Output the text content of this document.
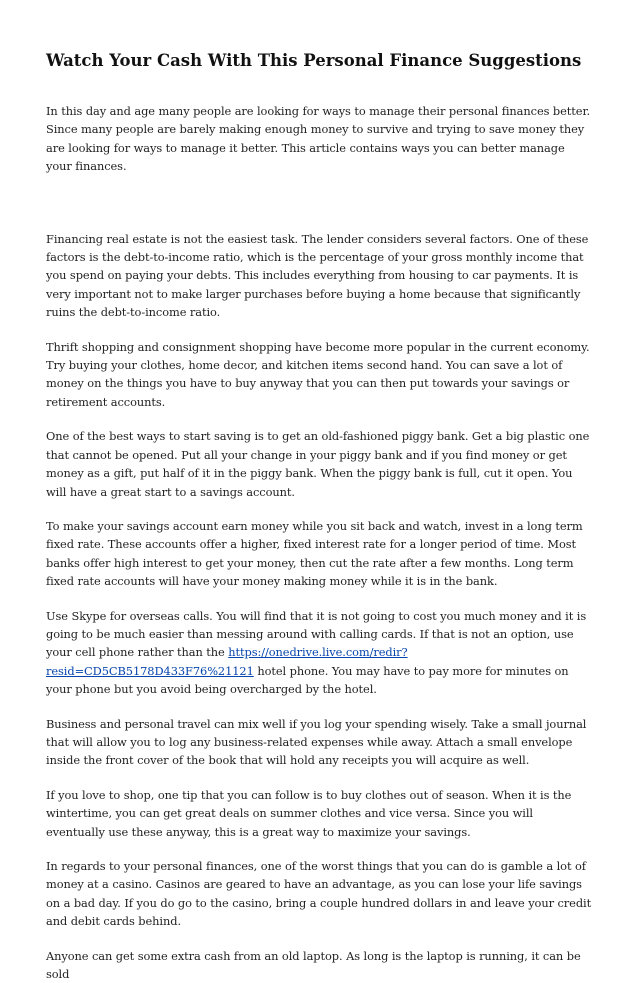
Watch Your Cash With This Personal Finance Suggestions

In this day and age many people are looking for ways to manage their personal finances better. Since many people are barely making enough money to survive and trying to save money they are looking for ways to manage it better. This article contains ways you can better manage your finances.

Financing real estate is not the easiest task. The lender considers several factors. One of these factors is the debt-to-income ratio, which is the percentage of your gross monthly income that you spend on paying your debts. This includes everything from housing to car payments. It is very important not to make larger purchases before buying a home because that significantly ruins the debt-to-income ratio.

Thrift shopping and consignment shopping have become more popular in the current economy. Try buying your clothes, home decor, and kitchen items second hand. You can save a lot of money on the things you have to buy anyway that you can then put towards your savings or retirement accounts.

One of the best ways to start saving is to get an old-fashioned piggy bank. Get a big plastic one that cannot be opened. Put all your change in your piggy bank and if you find money or get money as a gift, put half of it in the piggy bank. When the piggy bank is full, cut it open. You will have a great start to a savings account.

To make your savings account earn money while you sit back and watch, invest in a long term fixed rate. These accounts offer a higher, fixed interest rate for a longer period of time. Most banks offer high interest to get your money, then cut the rate after a few months. Long term fixed rate accounts will have your money making money while it is in the bank.

Use Skype for overseas calls. You will find that it is not going to cost you much money and it is going to be much easier than messing around with calling cards. If that is not an option, use your cell phone rather than the https://onedrive.live.com/redir?resid=CD5CB5178D433F76%21121 hotel phone. You may have to pay more for minutes on your phone but you avoid being overcharged by the hotel.

Business and personal travel can mix well if you log your spending wisely. Take a small journal that will allow you to log any business-related expenses while away. Attach a small envelope inside the front cover of the book that will hold any receipts you will acquire as well.

If you love to shop, one tip that you can follow is to buy clothes out of season. When it is the wintertime, you can get great deals on summer clothes and vice versa. Since you will eventually use these anyway, this is a great way to maximize your savings.

In regards to your personal finances, one of the worst things that you can do is gamble a lot of money at a casino. Casinos are geared to have an advantage, as you can lose your life savings on a bad day. If you do go to the casino, bring a couple hundred dollars in and leave your credit and debit cards behind.

Anyone can get some extra cash from an old laptop. As long is the laptop is running, it can be sold
